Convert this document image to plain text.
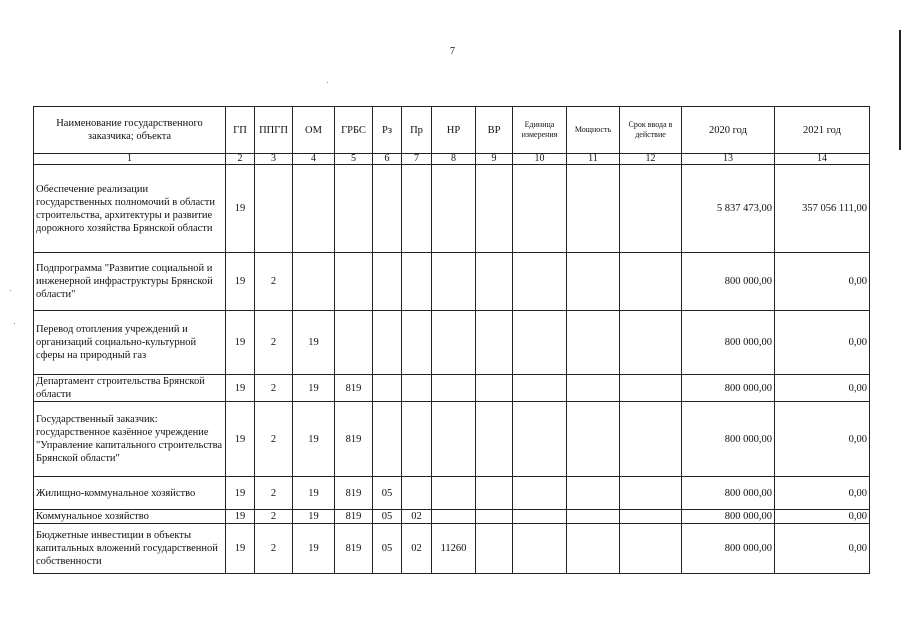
7
Наименование государственного заказчика; объекта	ГП	ППГП	ОМ	ГРБС	Рз	Пр	НР	ВР	Единица измерения	Мощность	Срок ввода в действие	2020 год	2021 год
1	2	3	4	5	6	7	8	9	10	11	12	13	14
Обеспечение реализации государственных полномочий в области строительства, архитектуры и развитие дорожного хозяйства Брянской области	19											5 837 473,00	357 056 111,00
Подпрограмма "Развитие социальной и инженерной инфраструктуры Брянской области"	19	2										800 000,00	0,00
Перевод отопления учреждений и организаций социально-культурной сферы на природный газ	19	2	19									800 000,00	0,00
Департамент строительства Брянской области	19	2	19	819								800 000,00	0,00
Государственный заказчик: государственное казённое учреждение "Управление капитального строительства Брянской области"	19	2	19	819								800 000,00	0,00
Жилищно-коммунальное хозяйство	19	2	19	819	05							800 000,00	0,00
Коммунальное хозяйство	19	2	19	819	05	02						800 000,00	0,00
Бюджетные инвестиции в объекты капитальных вложений государственной собственности	19	2	19	819	05	02	11260					800 000,00	0,00
